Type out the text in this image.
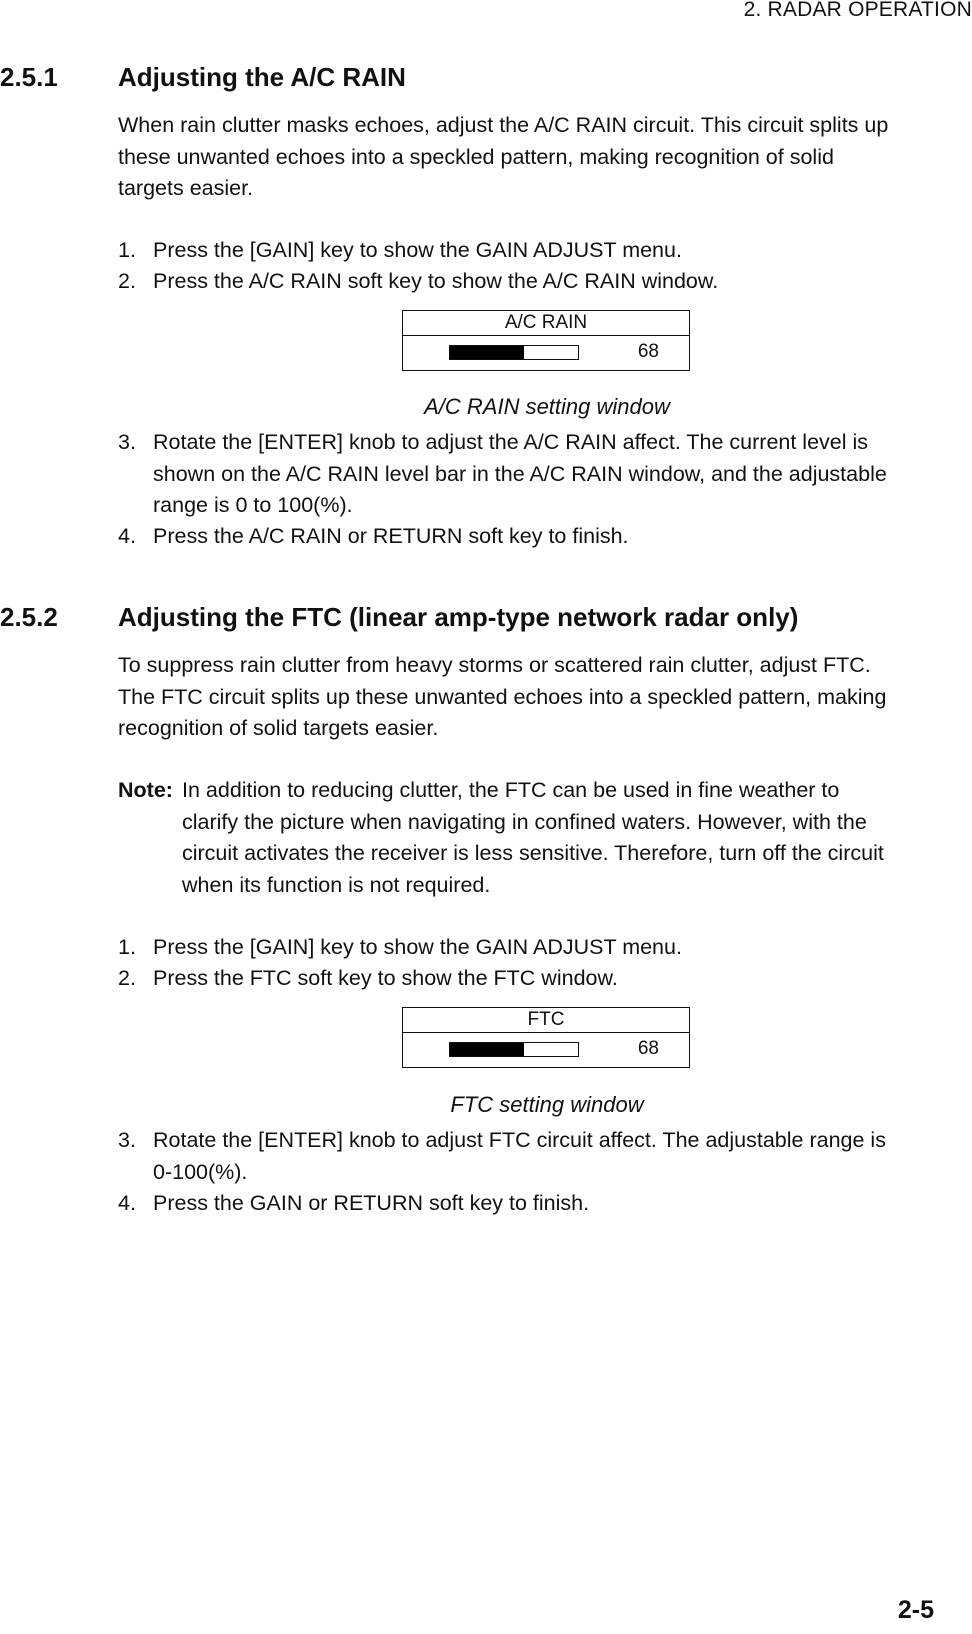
2. RADAR OPERATION
2.5.1 Adjusting the A/C RAIN
When rain clutter masks echoes, adjust the A/C RAIN circuit. This circuit splits up
these unwanted echoes into a speckled pattern, making recognition of solid
targets easier.
1. Press the [GAIN] key to show the GAIN ADJUST menu.
2. Press the A/C RAIN soft key to show the A/C RAIN window.
A/C RAIN
68
A/C RAIN setting window
3. Rotate the [ENTER] knob to adjust the A/C RAIN affect. The current level is
shown on the A/C RAIN level bar in the A/C RAIN window, and the adjustable
range is 0 to 100(%).
4. Press the A/C RAIN or RETURN soft key to finish.
2.5.2 Adjusting the FTC (linear amp-type network radar only)
To suppress rain clutter from heavy storms or scattered rain clutter, adjust FTC.
The FTC circuit splits up these unwanted echoes into a speckled pattern, making
recognition of solid targets easier.
Note: In addition to reducing clutter, the FTC can be used in fine weather to
clarify the picture when navigating in confined waters. However, with the
circuit activates the receiver is less sensitive. Therefore, turn off the circuit
when its function is not required.
1. Press the [GAIN] key to show the GAIN ADJUST menu.
2. Press the FTC soft key to show the FTC window.
FTC
68
FTC setting window
3. Rotate the [ENTER] knob to adjust FTC circuit affect. The adjustable range is
0-100(%).
4. Press the GAIN or RETURN soft key to finish.
2-5
